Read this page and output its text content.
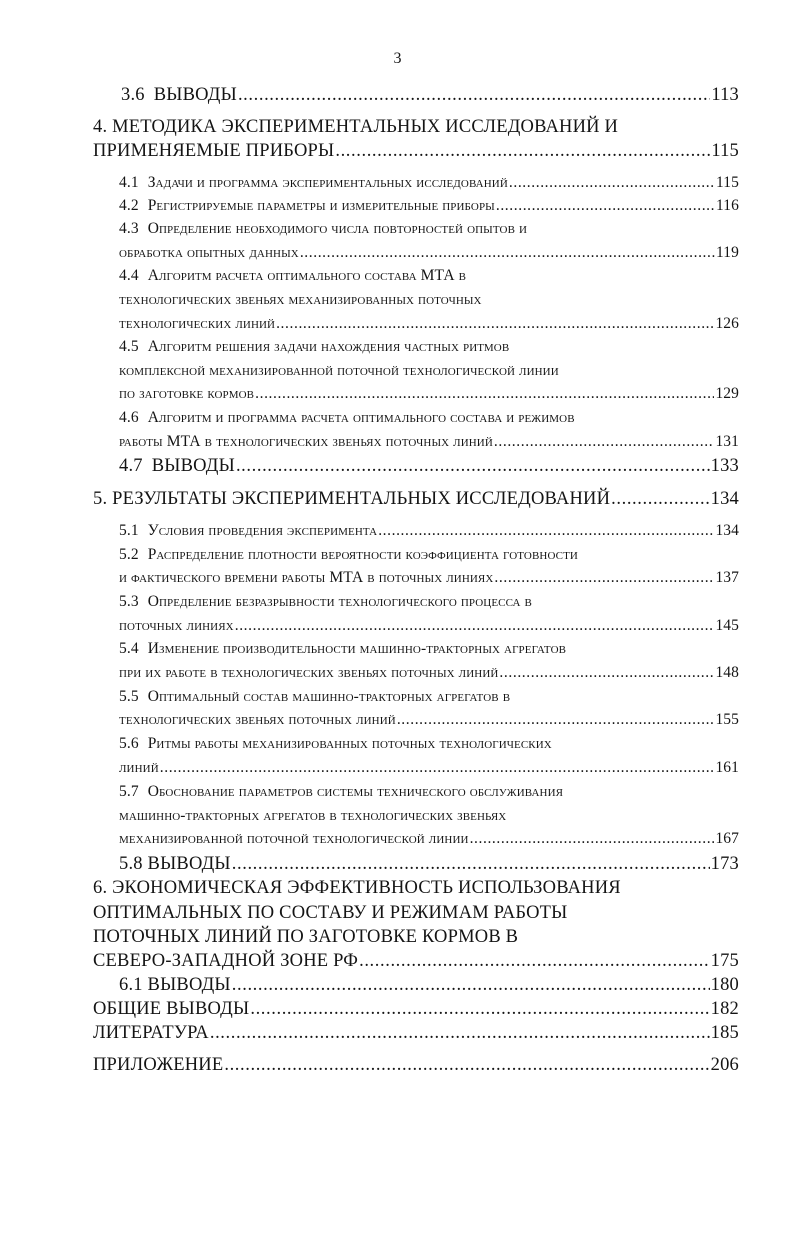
3
3.6 ВЫВОДЫ .....	113
4. МЕТОДИКА ЭКСПЕРИМЕНТАЛЬНЫХ ИССЛЕДОВАНИЙ И
ПРИМЕНЯЕМЫЕ ПРИБОРЫ .....	115
4.1 Задачи и программа экспериментальных исследований .....	115
4.2 Регистрируемые параметры и измерительные приборы .....	116
4.3 Определение необходимого числа повторностей опытов и
обработка опытных данных .....	119
4.4 Алгоритм расчета оптимального состава МТА в
технологических звеньях механизированных поточных
технологических линий .....	126
4.5 Алгоритм решения задачи нахождения частных ритмов
комплексной механизированной поточной технологической линии
по заготовке кормов .....	129
4.6 Алгоритм и программа расчета оптимального состава и режимов
работы МТА в технологических звеньях поточных линий .....	131
4.7 ВЫВОДЫ .....	133
5. РЕЗУЛЬТАТЫ ЭКСПЕРИМЕНТАЛЬНЫХ ИССЛЕДОВАНИЙ .....	134
5.1 Условия проведения эксперимента .....	134
5.2 Распределение плотности вероятности коэффициента готовности
и фактического времени работы МТА в поточных линиях .....	137
5.3 Определение безразрывности технологического процесса в
поточных линиях .....	145
5.4 Изменение производительности машинно-тракторных агрегатов
при их работе в технологических звеньях поточных линий .....	148
5.5 Оптимальный состав машинно-тракторных агрегатов в
технологических звеньях поточных линий .....	155
5.6 Ритмы работы механизированных поточных технологических
линий .....	161
5.7 Обоснование параметров системы технического обслуживания
машинно-тракторных агрегатов в технологических звеньях
механизированной поточной технологической линии .....	167
5.8 ВЫВОДЫ .....	173
6. ЭКОНОМИЧЕСКАЯ ЭФФЕКТИВНОСТЬ ИСПОЛЬЗОВАНИЯ
ОПТИМАЛЬНЫХ ПО СОСТАВУ И РЕЖИМАМ РАБОТЫ
ПОТОЧНЫХ ЛИНИЙ ПО ЗАГОТОВКЕ КОРМОВ В
СЕВЕРО-ЗАПАДНОЙ ЗОНЕ РФ .....	175
6.1 ВЫВОДЫ .....	180
ОБЩИЕ ВЫВОДЫ .....	182
ЛИТЕРАТУРА .....	185
ПРИЛОЖЕНИЕ .....	206
